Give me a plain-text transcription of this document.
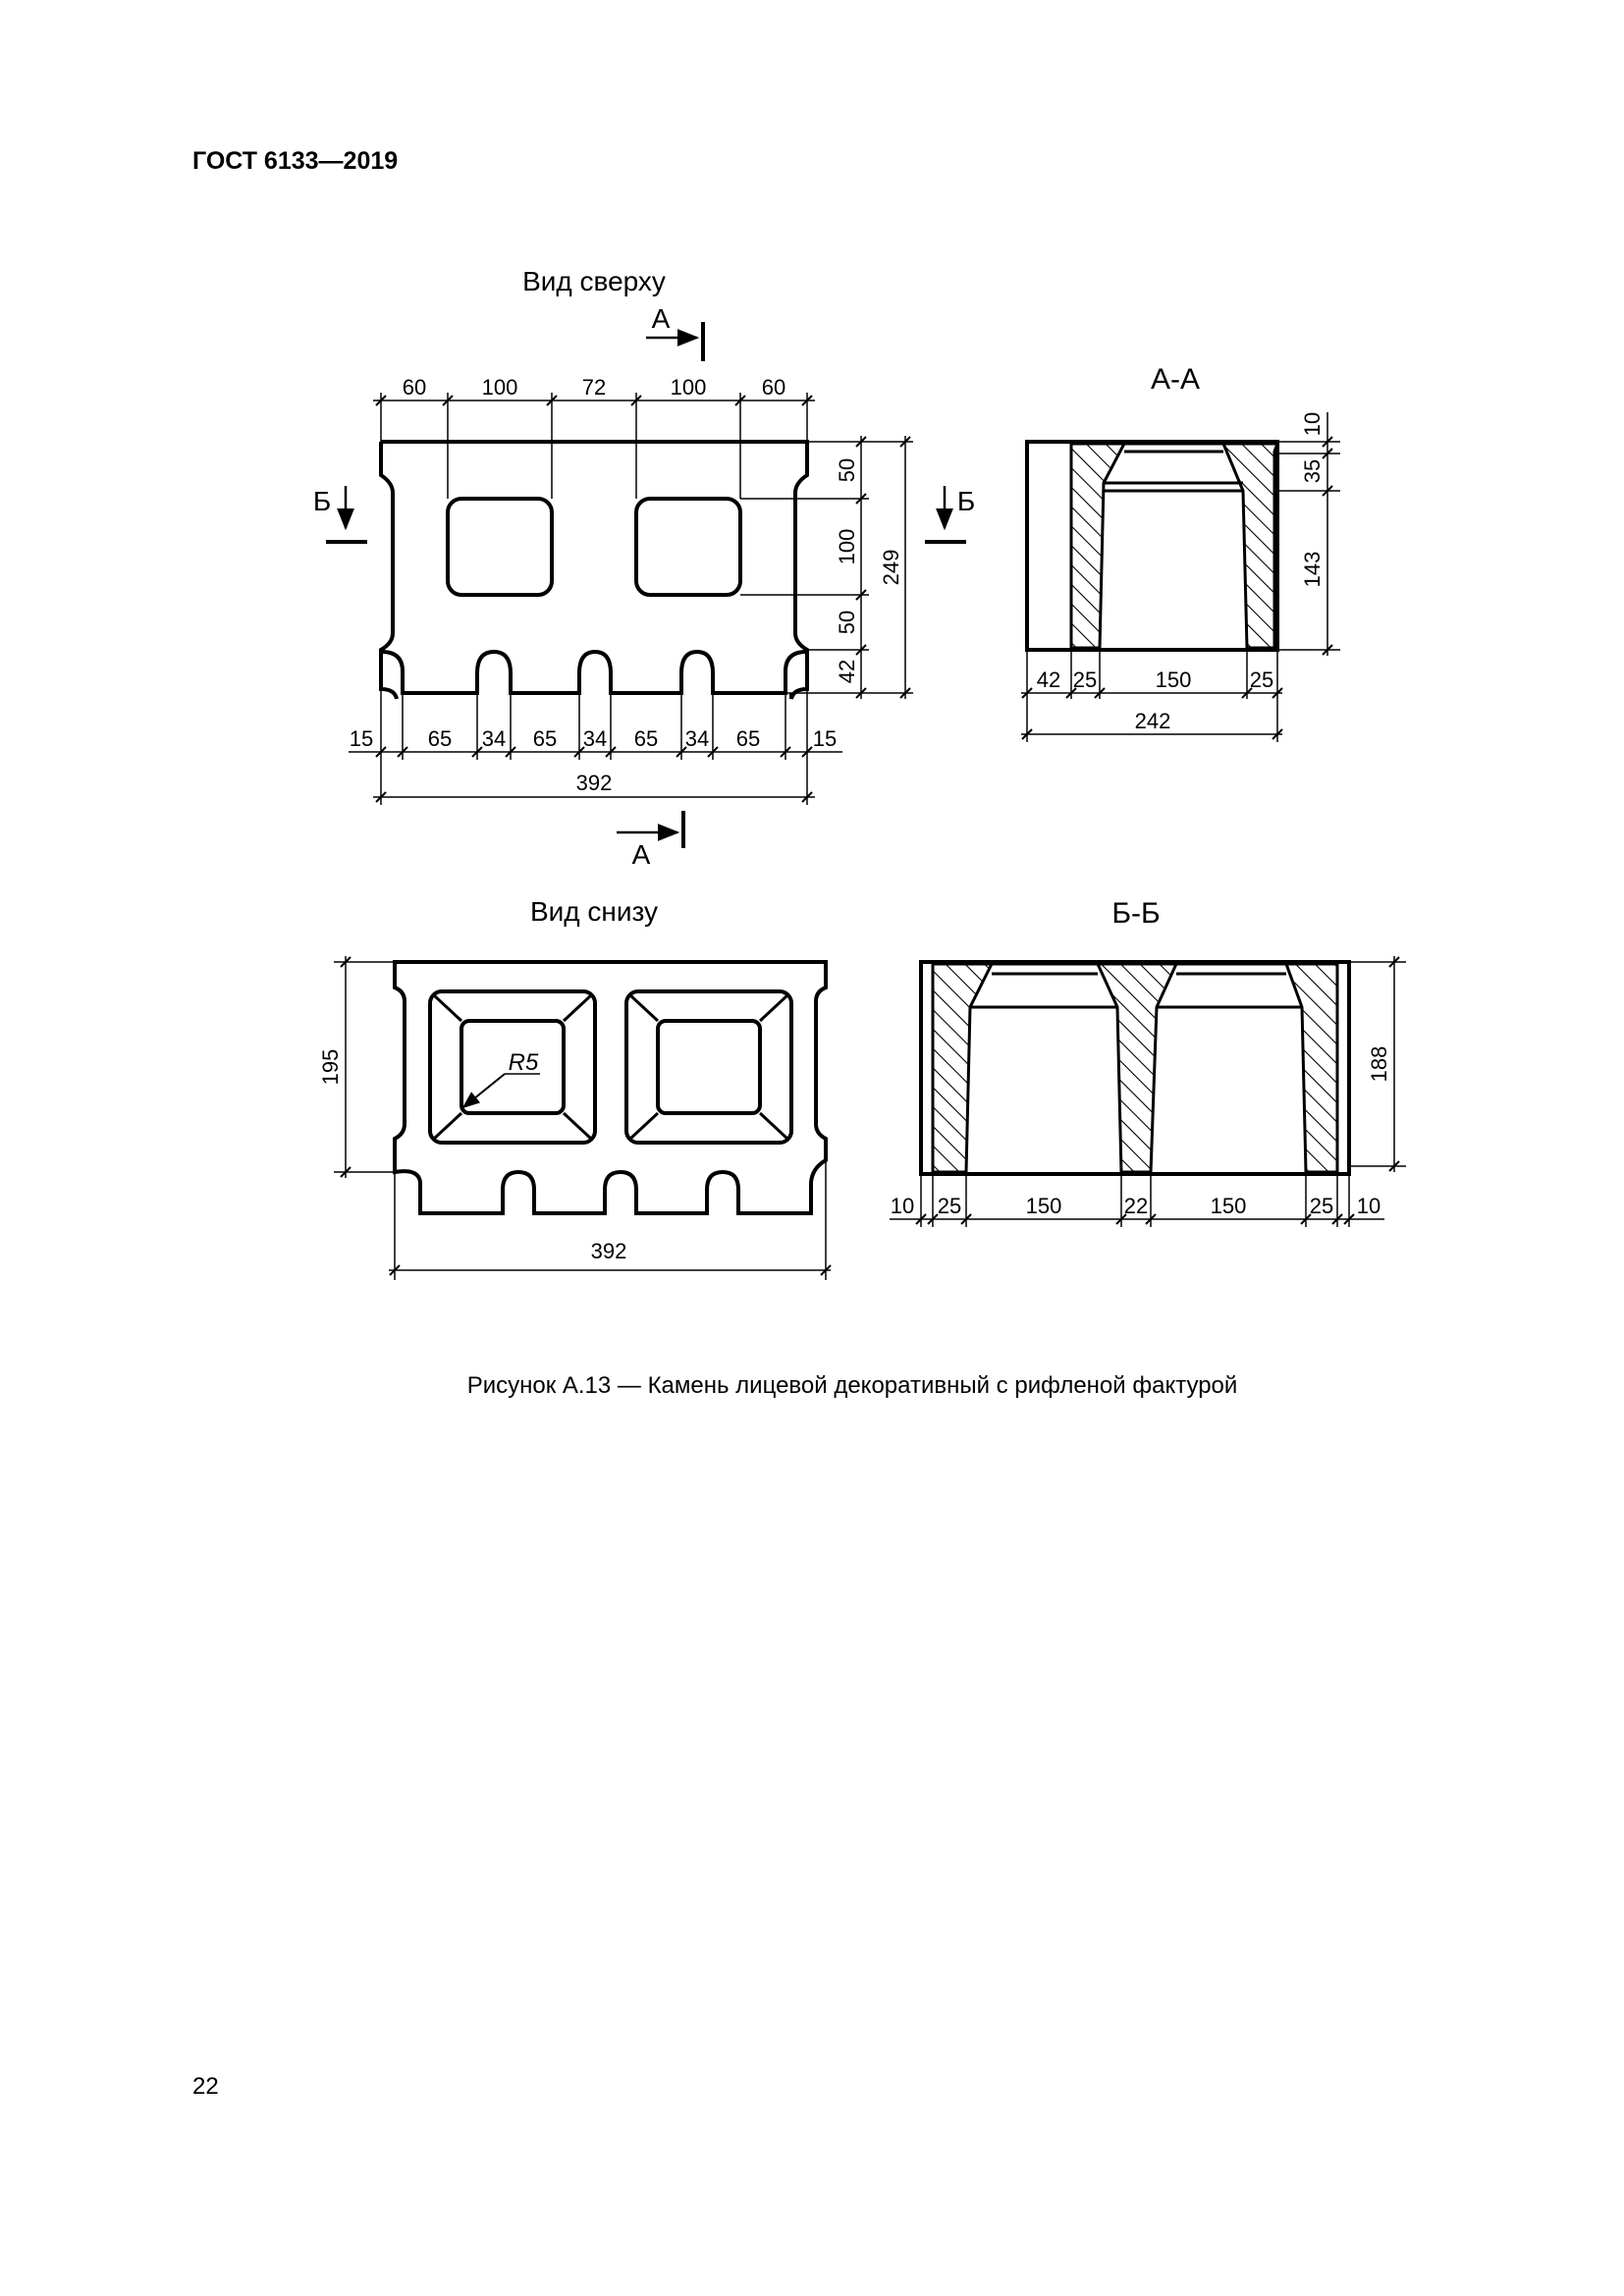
ГОСТ 6133—2019
Вид сверху
А
Б	Б
60	100	72	100	60
50
100
50
42
249
15	65 34 65 34 65 34 65 15
392
А
А-А
10
35
143
42 25	150	25
242
Вид снизу
R5
195
392
Б-Б
188
10 25	150	22	150	25 10
Рисунок А.13 — Камень лицевой декоративный с рифленой фактурой
22
